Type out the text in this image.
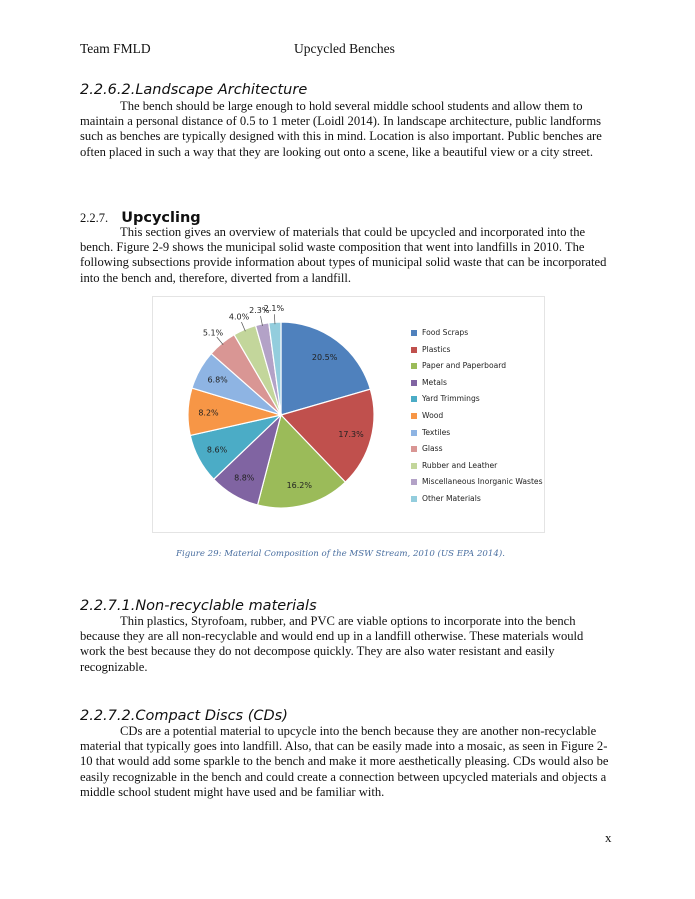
Team FMLD	Upcycled Benches
2.2.6.2.Landscape Architecture

The bench should be large enough to hold several middle school students and allow them to maintain a personal distance of 0.5 to 1 meter (Loidl 2014). In landscape architecture, public landforms such as benches are typically designed with this in mind. Location is also important. Public benches are often placed in such a way that they are looking out onto a scene, like a beautiful view or a city street.

2.2.7. Upcycling

This section gives an overview of materials that could be upcycled and incorporated into the bench. Figure 2-9 shows the municipal solid waste composition that went into landfills in 2010. The following subsections provide information about types of municipal solid waste that can be incorporated into the bench and, therefore, diverted from a landfill.

20.5%
17.3%
16.2%
8.8%
8.6%
8.2%
6.8%
5.1%
4.0%
2.3%
2.1%
Food Scraps
Plastics
Paper and Paperboard
Metals
Yard Trimmings
Wood
Textiles
Glass
Rubber and Leather
Miscellaneous Inorganic Wastes
Other Materials
Figure 29: Material Composition of the MSW Stream, 2010 (US EPA 2014).
2.2.7.1.Non-recyclable materials

Thin plastics, Styrofoam, rubber, and PVC are viable options to incorporate into the bench because they are all non-recyclable and would end up in a landfill otherwise. These materials would work the best because they do not decompose quickly. They are also water resistant and easily recognizable.

2.2.7.2.Compact Discs (CDs)

CDs are a potential material to upcycle into the bench because they are another non-recyclable material that typically goes into landfill. Also, that can be easily made into a mosaic, as seen in Figure 2-10 that would add some sparkle to the bench and make it more aesthetically pleasing. CDs would also be easily recognizable in the bench and could create a connection between upcycled materials and objects a middle school student might have used and be familiar with.

x
